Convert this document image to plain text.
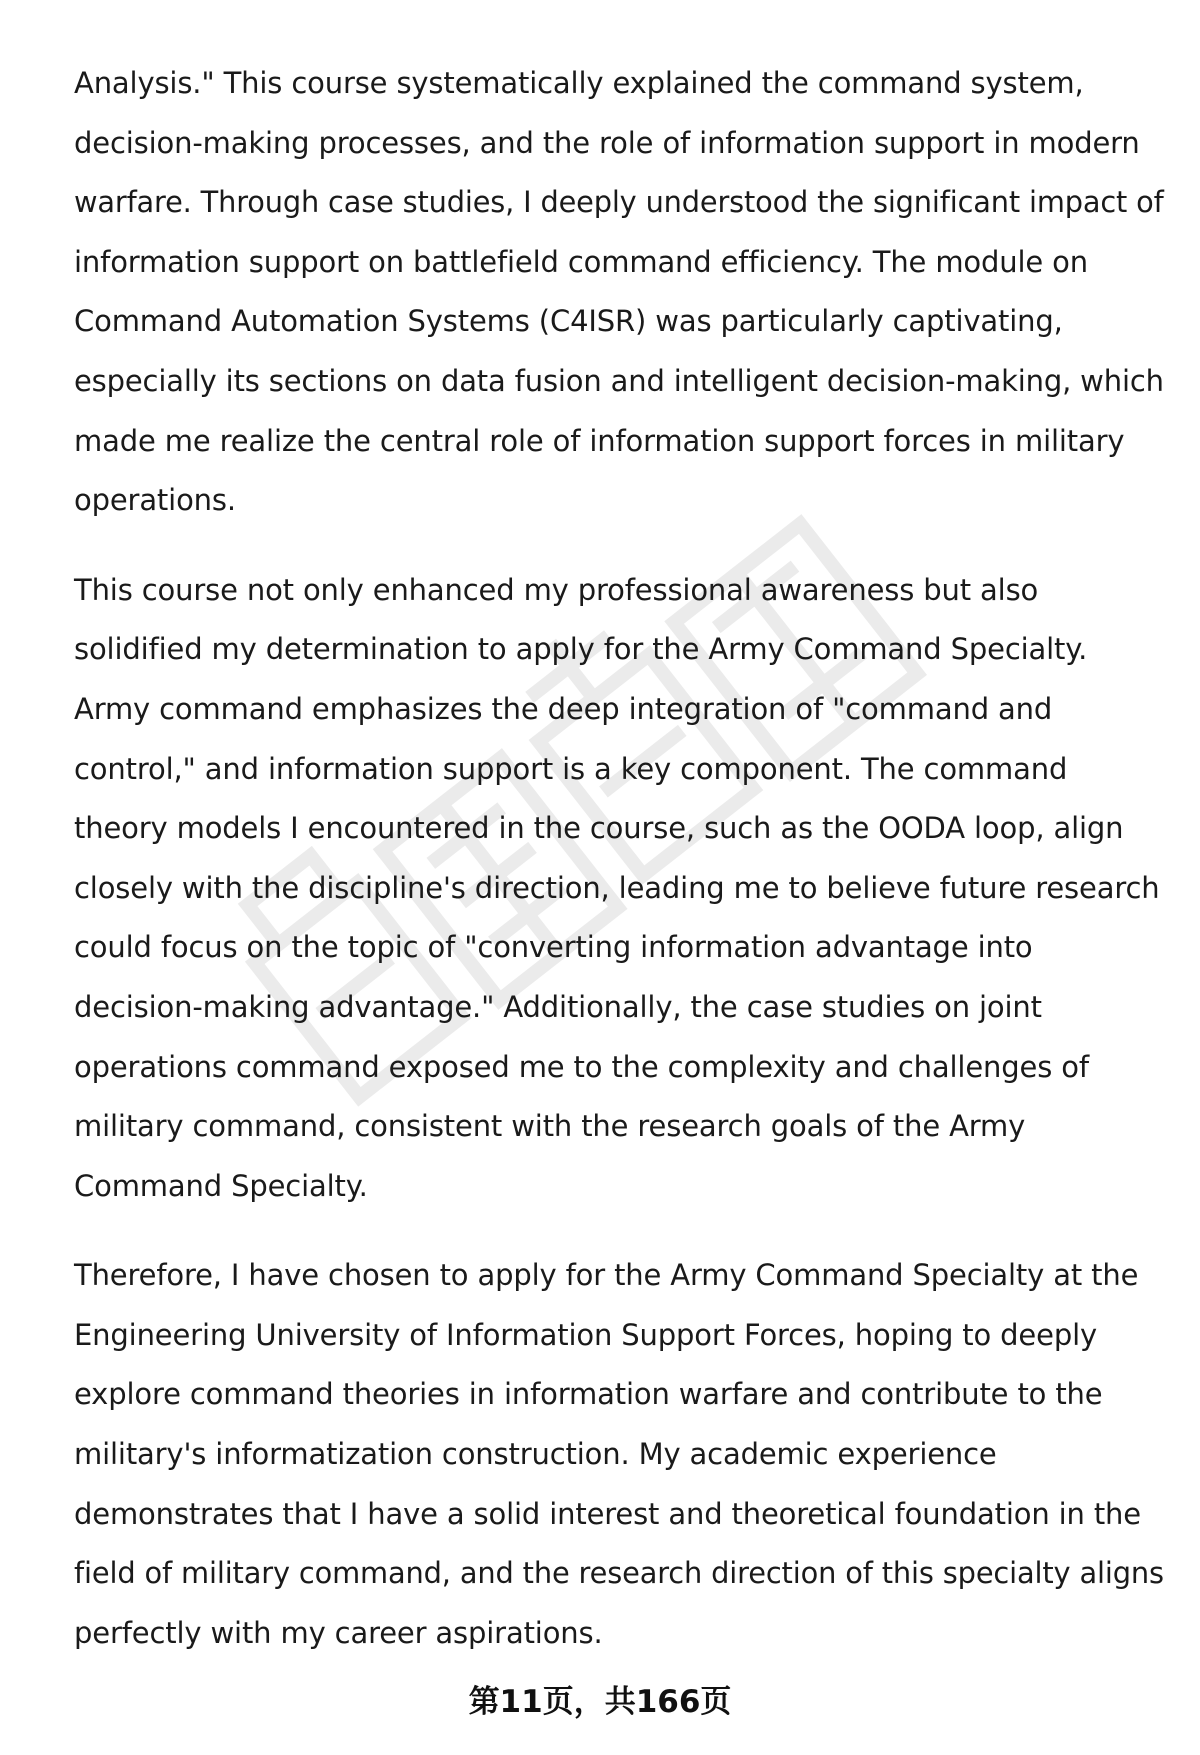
Analysis." This course systematically explained the command system,
decision-making processes, and the role of information support in modern
warfare. Through case studies, I deeply understood the significant impact of
information support on battlefield command efficiency. The module on
Command Automation Systems (C4ISR) was particularly captivating,
especially its sections on data fusion and intelligent decision-making, which
made me realize the central role of information support forces in military
operations.

This course not only enhanced my professional awareness but also
solidified my determination to apply for the Army Command Specialty.
Army command emphasizes the deep integration of "command and
control," and information support is a key component. The command
theory models I encountered in the course, such as the OODA loop, align
closely with the discipline's direction, leading me to believe future research
could focus on the topic of "converting information advantage into
decision-making advantage." Additionally, the case studies on joint
operations command exposed me to the complexity and challenges of
military command, consistent with the research goals of the Army
Command Specialty.

Therefore, I have chosen to apply for the Army Command Specialty at the
Engineering University of Information Support Forces, hoping to deeply
explore command theories in information warfare and contribute to the
military's informatization construction. My academic experience
demonstrates that I have a solid interest and theoretical foundation in the
field of military command, and the research direction of this specialty aligns
perfectly with my career aspirations.

第11页，共166页
